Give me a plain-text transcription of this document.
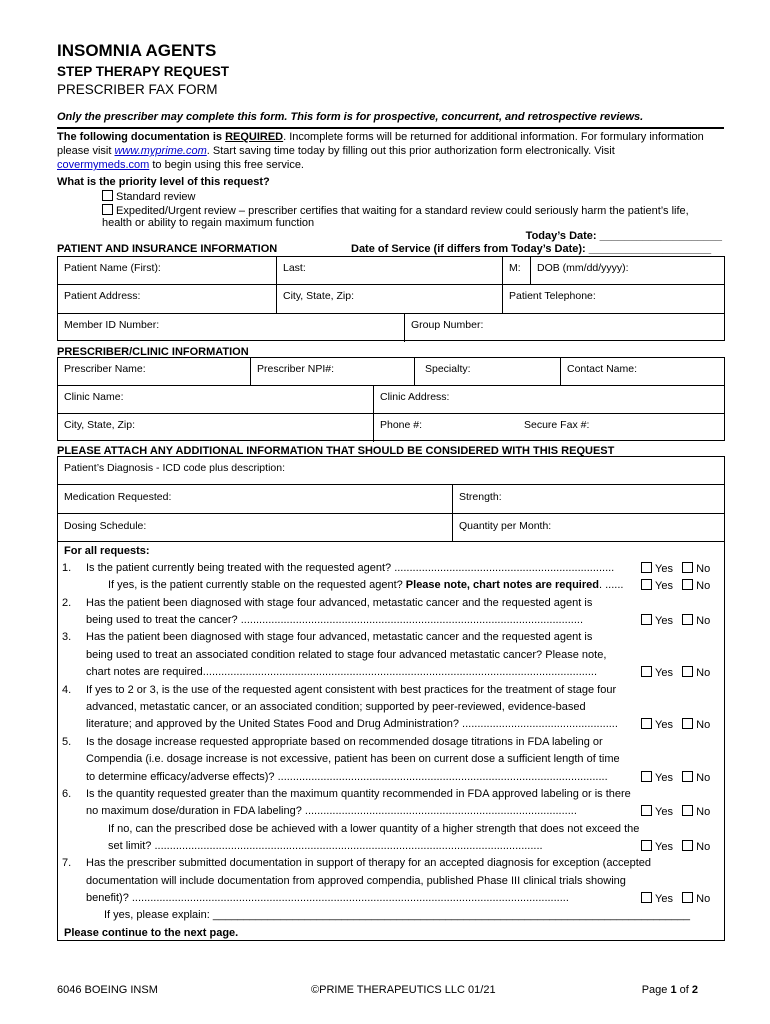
INSOMNIA AGENTS
STEP THERAPY REQUEST
PRESCRIBER FAX FORM
Only the prescriber may complete this form. This form is for prospective, concurrent, and retrospective reviews.
The following documentation is REQUIRED. Incomplete forms will be returned for additional information. For formulary information
please visit www.myprime.com. Start saving time today by filling out this prior authorization form electronically. Visit
covermymeds.com to begin using this free service.
What is the priority level of this request?
Standard review
Expedited/Urgent review – prescriber certifies that waiting for a standard review could seriously harm the patient’s life,
health or ability to regain maximum function
Today’s Date: ____________________
Date of Service (if differs from Today’s Date): ____________________
PATIENT AND INSURANCE INFORMATION
Patient Name (First):	Last:	M:	DOB (mm/dd/yyyy):
Patient Address:	City, State, Zip:	Patient Telephone:
Member ID Number:	Group Number:
PRESCRIBER/CLINIC INFORMATION
Prescriber Name:	Prescriber NPI#:	Specialty:	Contact Name:
Clinic Name:	Clinic Address:
City, State, Zip:	Phone #:	Secure Fax #:
PLEASE ATTACH ANY ADDITIONAL INFORMATION THAT SHOULD BE CONSIDERED WITH THIS REQUEST
Patient’s Diagnosis - ICD code plus description:
Medication Requested:	Strength:
Dosing Schedule:	Quantity per Month:
For all requests:
1. Is the patient currently being treated with the requested agent? ........................................................................	Yes No
If yes, is the patient currently stable on the requested agent? Please note, chart notes are required. ......	Yes No
2. Has the patient been diagnosed with stage four advanced, metastatic cancer and the requested agent is
being used to treat the cancer? ................................................................................................................	Yes No
3. Has the patient been diagnosed with stage four advanced, metastatic cancer and the requested agent is
being used to treat an associated condition related to stage four advanced metastatic cancer? Please note,
chart notes are required.................................................................................................................................	Yes No
4. If yes to 2 or 3, is the use of the requested agent consistent with best practices for the treatment of stage four
advanced, metastatic cancer, or an associated condition; supported by peer-reviewed, evidence-based
literature; and approved by the United States Food and Drug Administration? ...................................................	Yes No
5. Is the dosage increase requested appropriate based on recommended dosage titrations in FDA labeling or
Compendia (i.e. dosage increase is not excessive, patient has been on current dose a sufficient length of time
to determine efficacy/adverse effects)? ............................................................................................................	Yes No
6. Is the quantity requested greater than the maximum quantity recommended in FDA approved labeling or is there
no maximum dose/duration in FDA labeling? .........................................................................................	Yes No
If no, can the prescribed dose be achieved with a lower quantity of a higher strength that does not exceed the
set limit? ...............................................................................................................................	Yes No
7. Has the prescriber submitted documentation in support of therapy for an accepted diagnosis for exception (accepted
documentation will include documentation from approved compendia, published Phase III clinical trials showing
benefit)? ...............................................................................................................................................	Yes No
If yes, please explain: ______________________________________________________________________________
Please continue to the next page.
6046 BOEING INSM	©PRIME THERAPEUTICS LLC 01/21	Page 1 of 2
